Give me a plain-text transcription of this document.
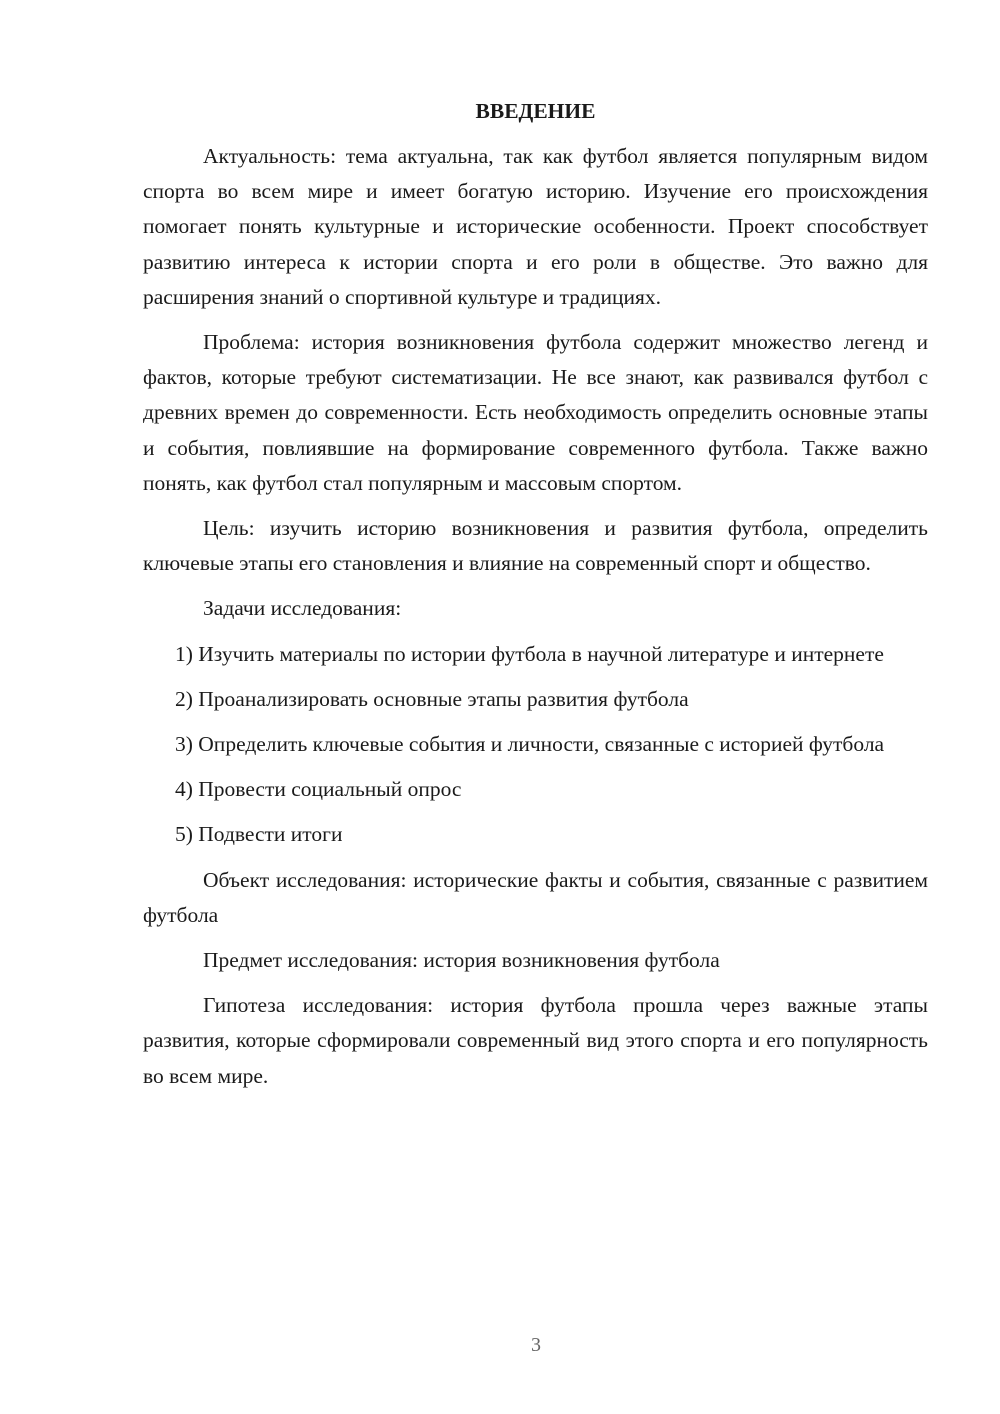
ВВЕДЕНИЕ

Актуальность: тема актуальна, так как футбол является популярным видом спорта во всем мире и имеет богатую историю. Изучение его происхождения помогает понять культурные и исторические особенности. Проект способствует развитию интереса к истории спорта и его роли в обществе. Это важно для расширения знаний о спортивной культуре и традициях.

Проблема: история возникновения футбола содержит множество легенд и фактов, которые требуют систематизации. Не все знают, как развивался футбол с древних времен до современности. Есть необходимость определить основные этапы и события, повлиявшие на формирование современного футбола. Также важно понять, как футбол стал популярным и массовым спортом.

Цель: изучить историю возникновения и развития футбола, определить ключевые этапы его становления и влияние на современный спорт и общество.

Задачи исследования:

1) Изучить материалы по истории футбола в научной литературе и интернете

2) Проанализировать основные этапы развития футбола

3) Определить ключевые события и личности, связанные с историей футбола

4) Провести социальный опрос

5) Подвести итоги

Объект исследования: исторические факты и события, связанные с развитием футбола

Предмет исследования: история возникновения футбола

Гипотеза исследования: история футбола прошла через важные этапы развития, которые сформировали современный вид этого спорта и его популярность во всем мире.

3
